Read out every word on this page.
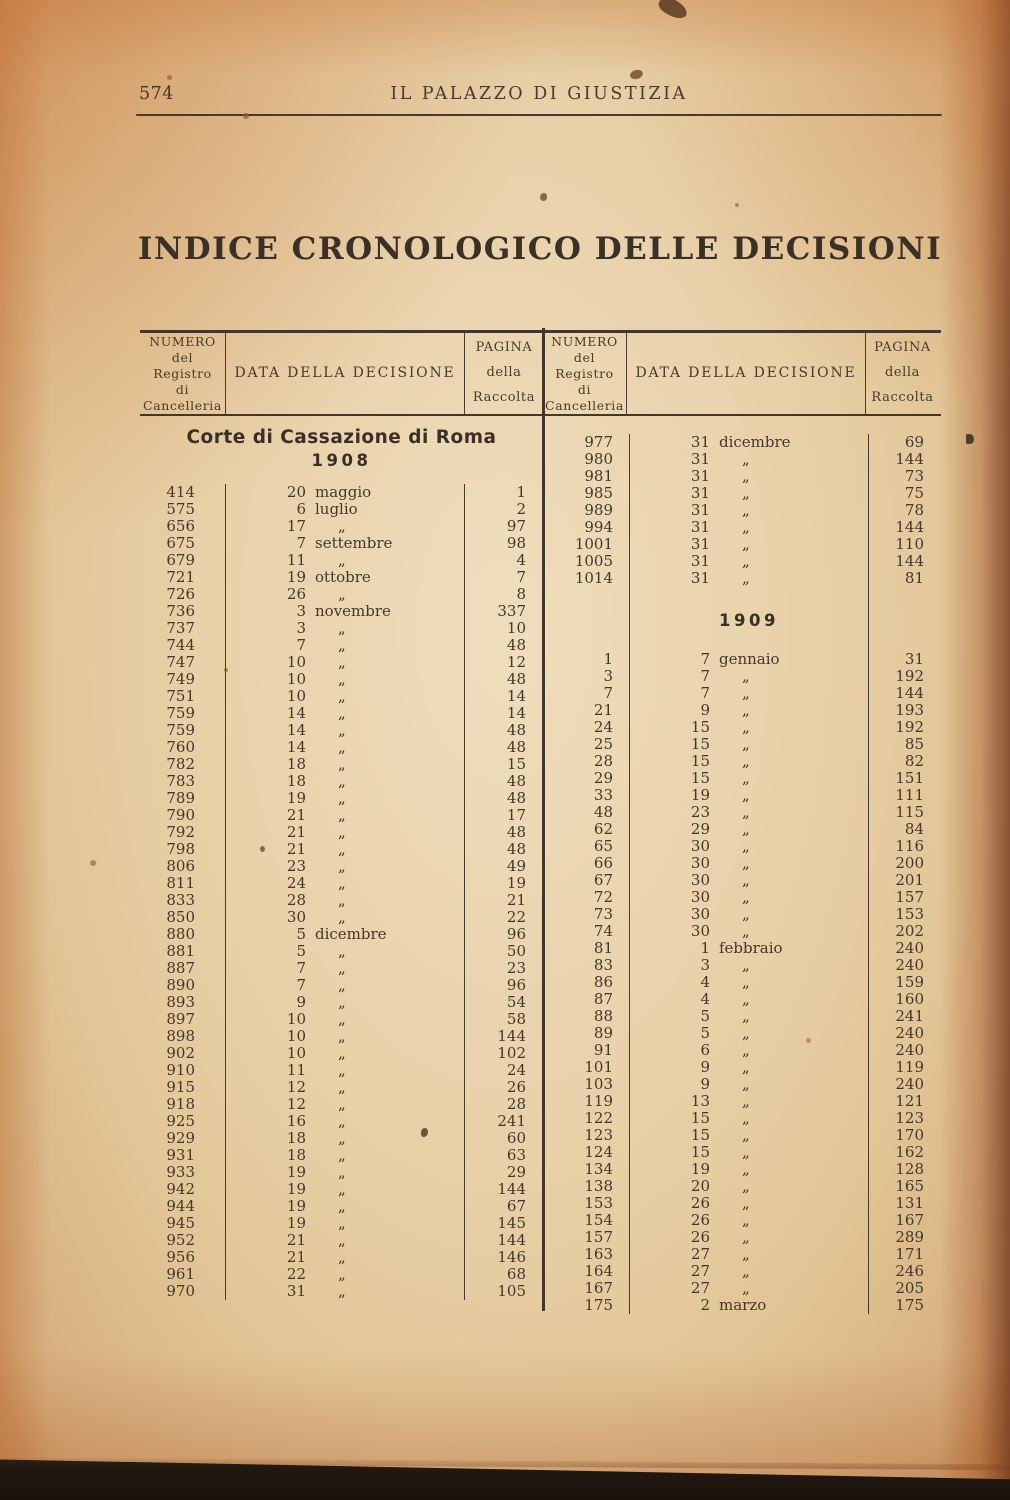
574	IL PALAZZO DI GIUSTIZIA
INDICE CRONOLOGICO DELLE DECISIONI
NUMERO
del
Registro
di
Cancelleria
DATA DELLA DECISIONE
PAGINA
della
Raccolta
NUMERO
del
Registro
di
Cancelleria
DATA DELLA DECISIONE
PAGINA
della
Raccolta
Corte di Cassazione di Roma
1908
414	20 maggio	1
575	6 luglio	2
656	17	„	97
675	7 settembre	98
679	11	„	4
721	19 ottobre	7
726	26	„	8
736	3 novembre	337
737	3	„	10
744	7	„	48
747	10	„	12
749	10	„	48
751	10	„	14
759	14	„	14
759	14	„	48
760	14	„	48
782	18	„	15
783	18	„	48
789	19	„	48
790	21	„	17
792	21	„	48
798	21	„	48
806	23	„	49
811	24	„	19
833	28	„	21
850	30	„	22
880	5 dicembre	96
881	5	„	50
887	7	„	23
890	7	„	96
893	9	„	54
897	10	„	58
898	10	„	144
902	10	„	102
910	11	„	24
915	12	„	26
918	12	„	28
925	16	„	241
929	18	„	60
931	18	„	63
933	19	„	29
942	19	„	144
944	19	„	67
945	19	„	145
952	21	„	144
956	21	„	146
961	22	„	68
970	31	„	105
977	31 dicembre	69
980	31	„	144
981	31	„	73
985	31	„	75
989	31	„	78
994	31	„	144
1001	31	„	110
1005	31	„	144
1014	31	„	81
1909
1	7 gennaio	31
3	7	„	192
7	7	„	144
21	9	„	193
24	15	„	192
25	15	„	85
28	15	„	82
29	15	„	151
33	19	„	111
48	23	„	115
62	29	„	84
65	30	„	116
66	30	„	200
67	30	„	201
72	30	„	157
73	30	„	153
74	30	„	202
81	1 febbraio	240
83	3	„	240
86	4	„	159
87	4	„	160
88	5	„	241
89	5	„	240
91	6	„	240
101	9	„	119
103	9	„	240
119	13	„	121
122	15	„	123
123	15	„	170
124	15	„	162
134	19	„	128
138	20	„	165
153	26	„	131
154	26	„	167
157	26	„	289
163	27	„	171
164	27	„	246
167	27	„	205
175	2 marzo	175
